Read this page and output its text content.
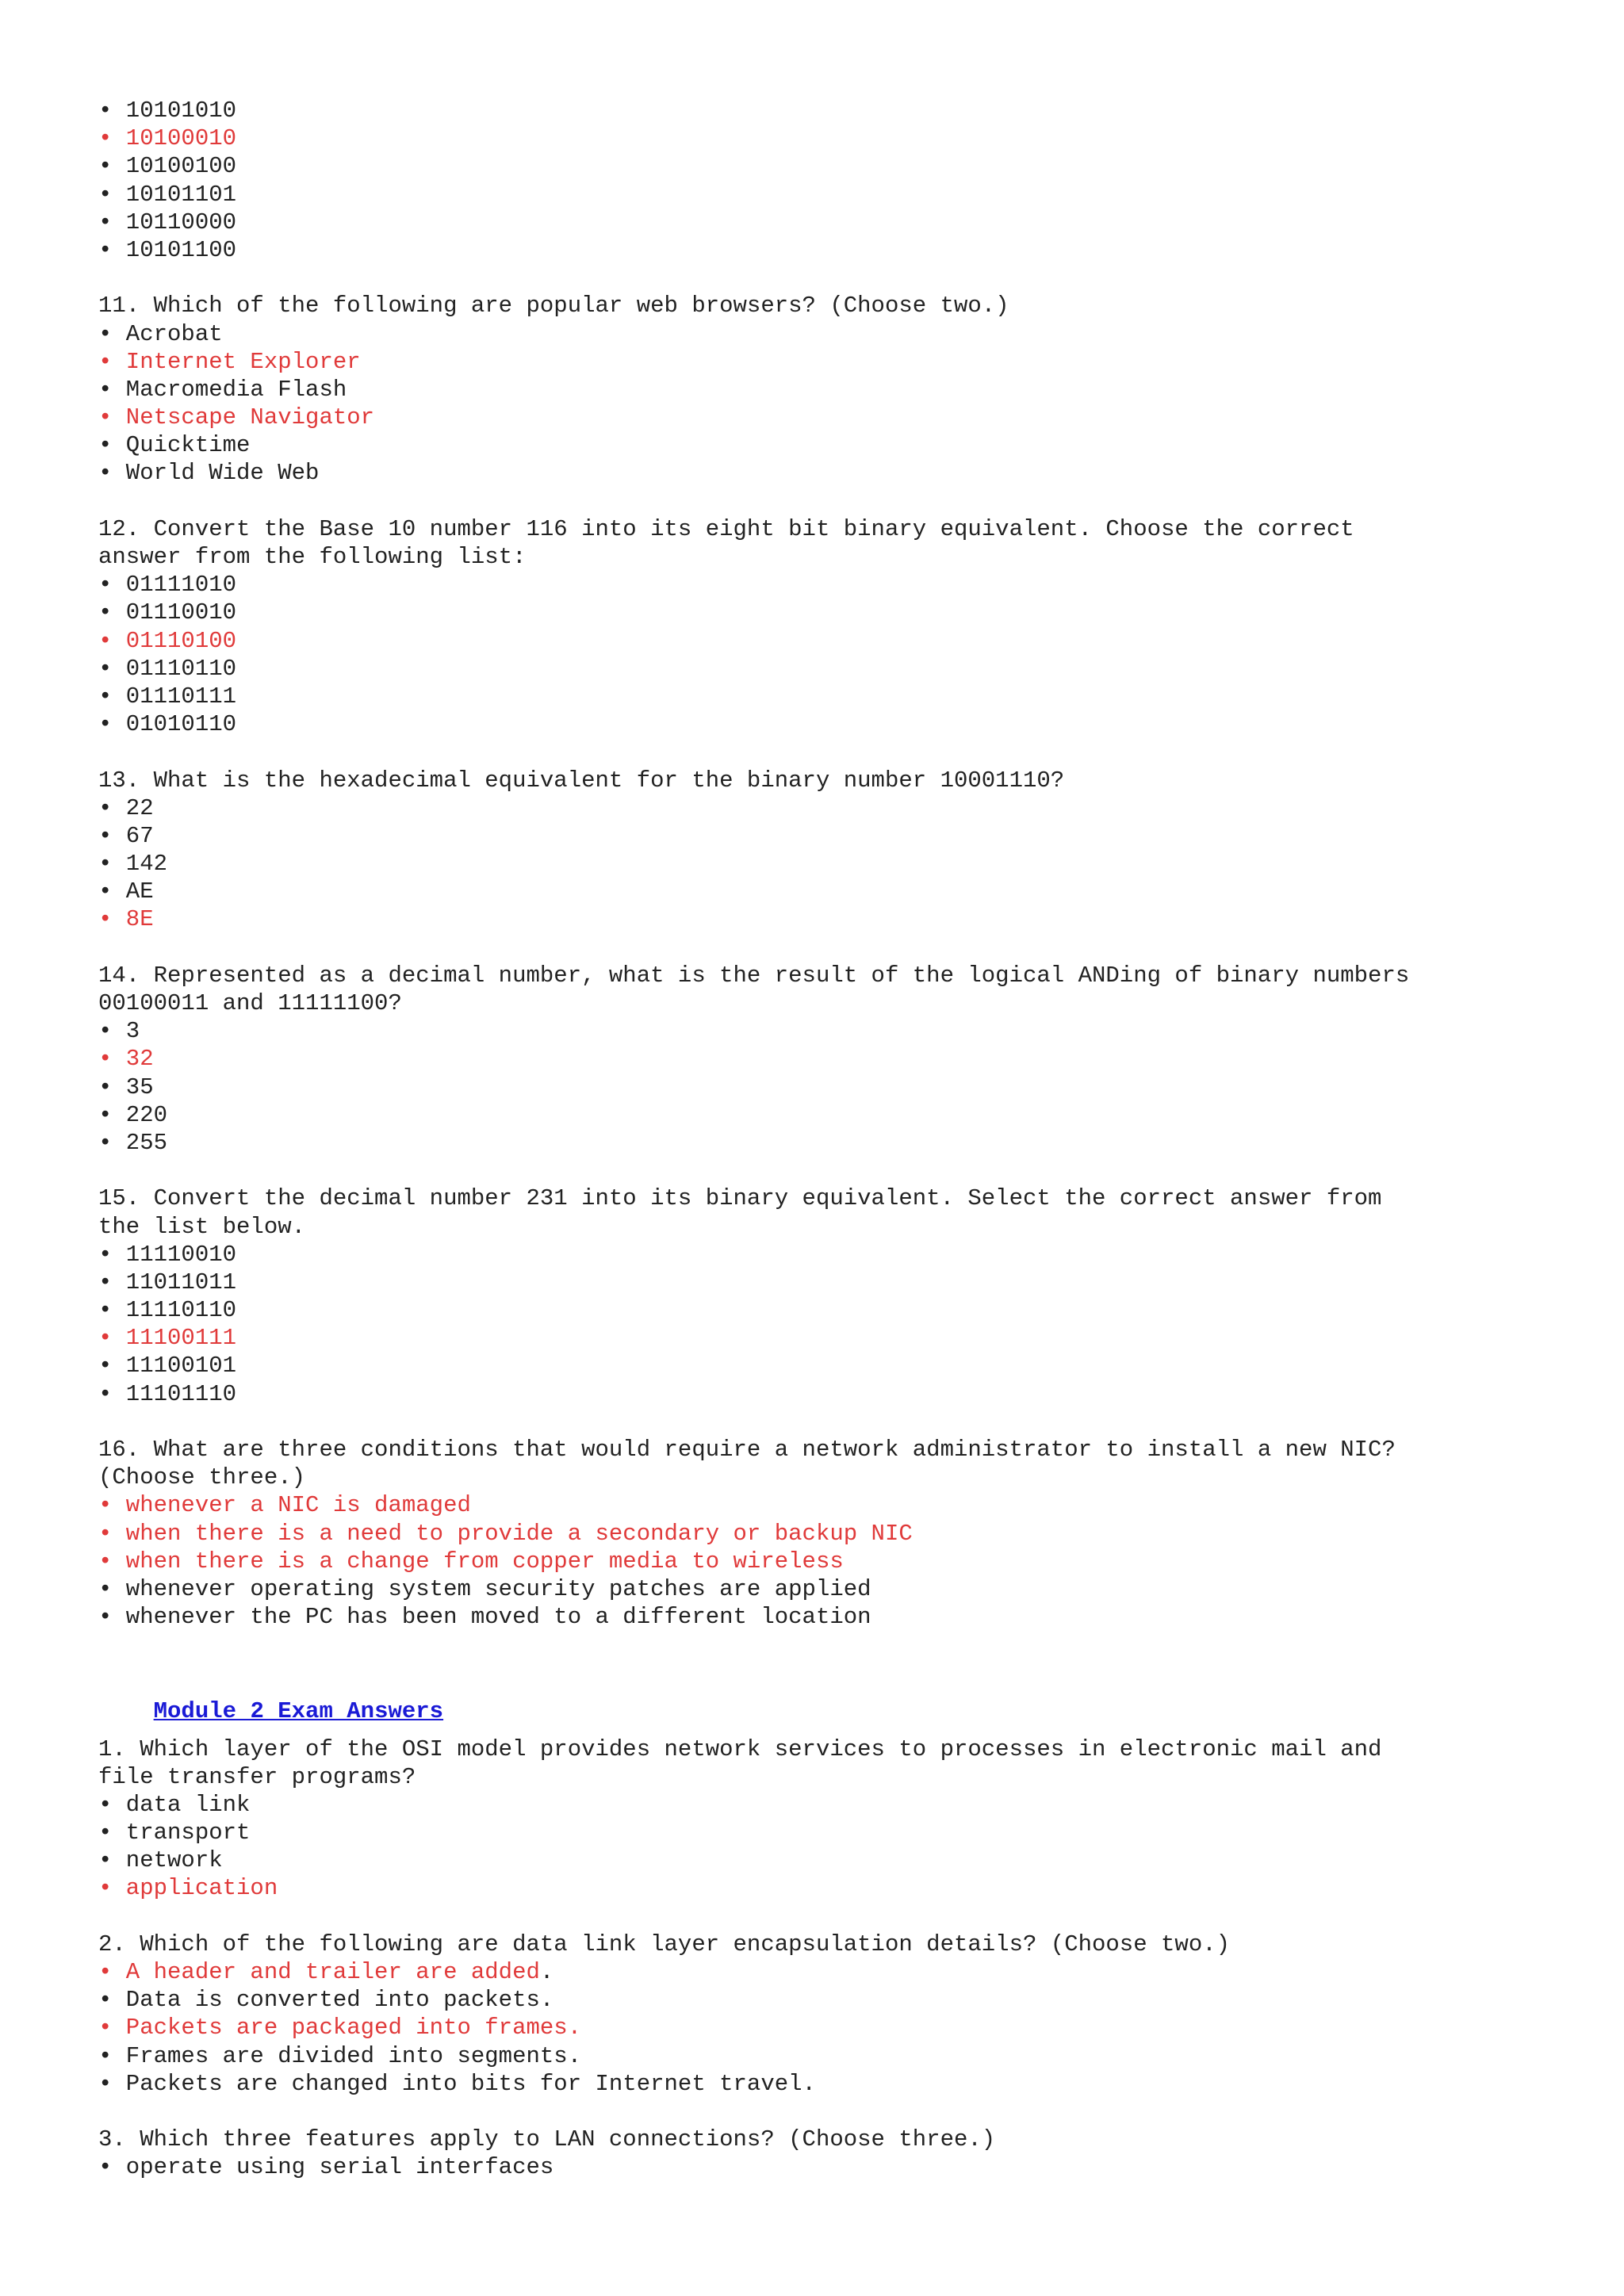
• 10101010
• 10100010
• 10100100
• 10101101
• 10110000
• 10101100
11. Which of the following are popular web browsers? (Choose two.)
• Acrobat
• Internet Explorer
• Macromedia Flash
• Netscape Navigator
• Quicktime
• World Wide Web
12. Convert the Base 10 number 116 into its eight bit binary equivalent. Choose the correct
answer from the following list:
• 01111010
• 01110010
• 01110100
• 01110110
• 01110111
• 01010110
13. What is the hexadecimal equivalent for the binary number 10001110?
• 22
• 67
• 142
• AE
• 8E
14. Represented as a decimal number, what is the result of the logical ANDing of binary numbers
00100011 and 11111100?
• 3
• 32
• 35
• 220
• 255
15. Convert the decimal number 231 into its binary equivalent. Select the correct answer from
the list below.
• 11110010
• 11011011
• 11110110
• 11100111
• 11100101
• 11101110
16. What are three conditions that would require a network administrator to install a new NIC?
(Choose three.)
• whenever a NIC is damaged
• when there is a need to provide a secondary or backup NIC
• when there is a change from copper media to wireless
• whenever operating system security patches are applied
• whenever the PC has been moved to a different location

Module 2 Exam Answers

1. Which layer of the OSI model provides network services to processes in electronic mail and
file transfer programs?
• data link
• transport
• network
• application
2. Which of the following are data link layer encapsulation details? (Choose two.)
• A header and trailer are added.
• Data is converted into packets.
• Packets are packaged into frames.
• Frames are divided into segments.
• Packets are changed into bits for Internet travel.
3. Which three features apply to LAN connections? (Choose three.)
• operate using serial interfaces
